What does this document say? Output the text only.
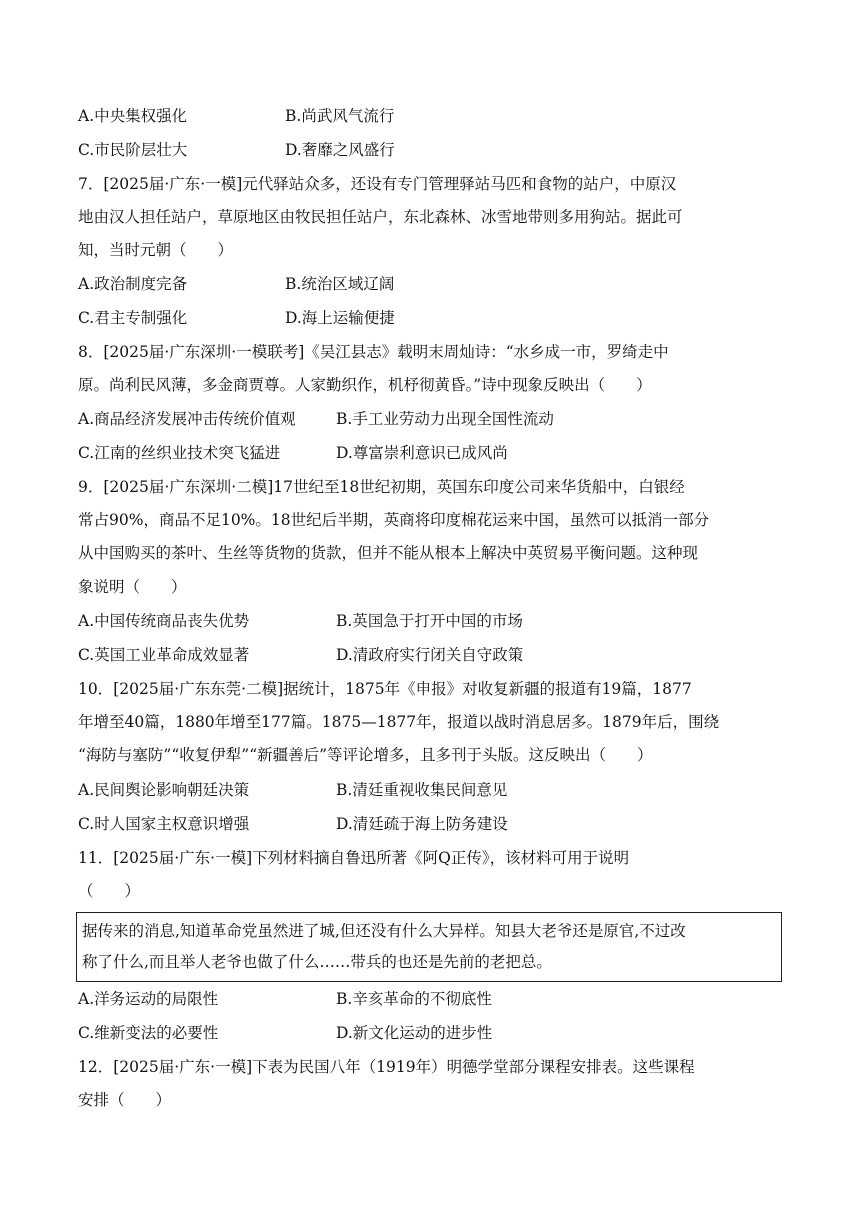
A.中央集权强化	B.尚武风气流行
C.市民阶层壮大	D.奢靡之风盛行
7．[2025届·广东·一模]元代驿站众多，还设有专门管理驿站马匹和食物的站户，中原汉
地由汉人担任站户，草原地区由牧民担任站户，东北森林、冰雪地带则多用狗站。据此可
知，当时元朝（　　）
A.政治制度完备	B.统治区域辽阔
C.君主专制强化	D.海上运输便捷
8．[2025届·广东深圳·一模联考]《吴江县志》载明末周灿诗：“水乡成一市，罗绮走中
原。尚利民风薄，多金商贾尊。人家勤织作，机杼彻黄昏。”诗中现象反映出（　　）
A.商品经济发展冲击传统价值观	B.手工业劳动力出现全国性流动
C.江南的丝织业技术突飞猛进	D.尊富崇利意识已成风尚
9．[2025届·广东深圳·二模]17世纪至18世纪初期，英国东印度公司来华货船中，白银经
常占90%，商品不足10%。18世纪后半期，英商将印度棉花运来中国，虽然可以抵消一部分
从中国购买的茶叶、生丝等货物的货款，但并不能从根本上解决中英贸易平衡问题。这种现
象说明（　　）
A.中国传统商品丧失优势	B.英国急于打开中国的市场
C.英国工业革命成效显著	D.清政府实行闭关自守政策
10．[2025届·广东东莞·二模]据统计，1875年《申报》对收复新疆的报道有19篇，1877
年增至40篇，1880年增至177篇。1875—1877年，报道以战时消息居多。1879年后，围绕
“海防与塞防”“收复伊犁”“新疆善后”等评论增多，且多刊于头版。这反映出（　　）
A.民间舆论影响朝廷决策	B.清廷重视收集民间意见
C.时人国家主权意识增强	D.清廷疏于海上防务建设
11．[2025届·广东·一模]下列材料摘自鲁迅所著《阿Q正传》，该材料可用于说明
（　　）
据传来的消息,知道革命党虽然进了城,但还没有什么大异样。知县大老爷还是原官,不过改
称了什么,而且举人老爷也做了什么……带兵的也还是先前的老把总。
A.洋务运动的局限性	B.辛亥革命的不彻底性
C.维新变法的必要性	D.新文化运动的进步性
12．[2025届·广东·一模]下表为民国八年（1919年）明德学堂部分课程安排表。这些课程
安排（　　）
